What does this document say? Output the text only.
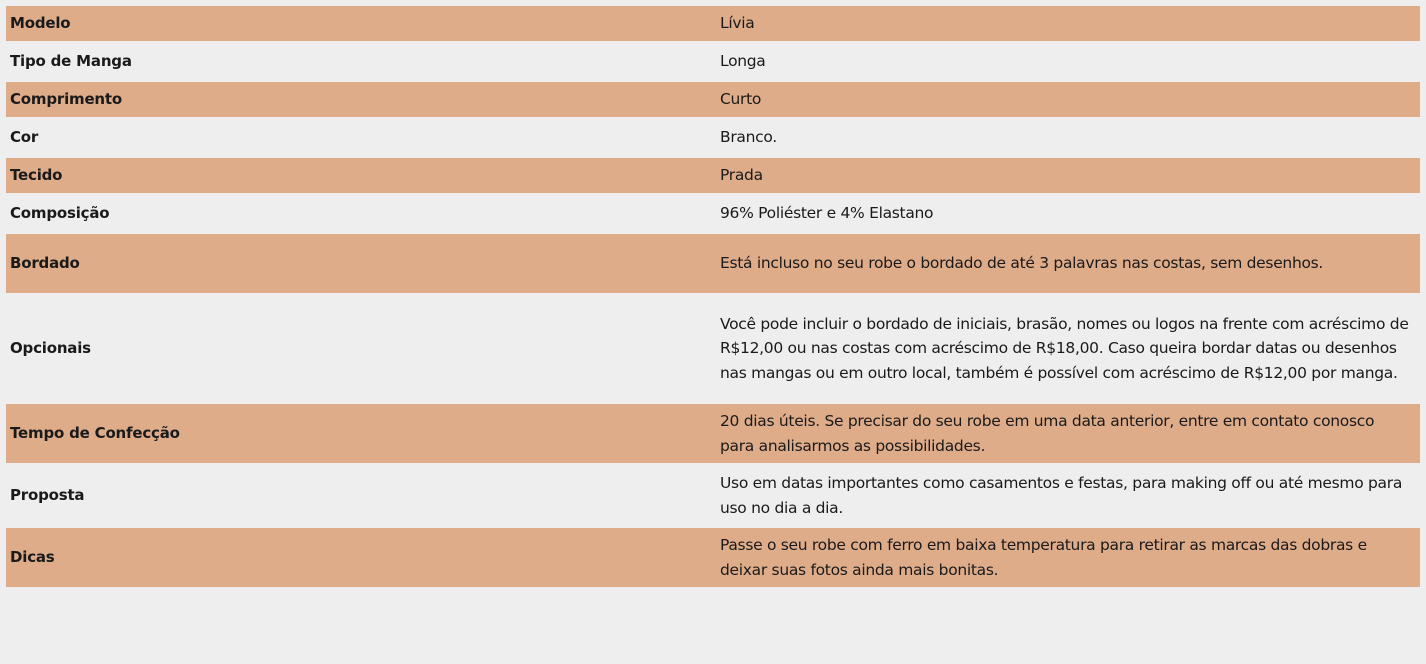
Modelo	Lívia
Tipo de Manga	Longa
Comprimento	Curto
Cor	Branco.
Tecido	Prada
Composição	96% Poliéster e 4% Elastano
Bordado	Está incluso no seu robe o bordado de até 3 palavras nas costas, sem desenhos.
Opcionais	Você pode incluir o bordado de iniciais, brasão, nomes ou logos na frente com acréscimo de R$12,00 ou nas costas com acréscimo de R$18,00. Caso queira bordar datas ou desenhos nas mangas ou em outro local, também é possível com acréscimo de R$12,00 por manga.
Tempo de Confecção	20 dias úteis. Se precisar do seu robe em uma data anterior, entre em contato conosco para analisarmos as possibilidades.
Proposta	Uso em datas importantes como casamentos e festas, para making off ou até mesmo para uso no dia a dia.
Dicas	Passe o seu robe com ferro em baixa temperatura para retirar as marcas das dobras e deixar suas fotos ainda mais bonitas.
